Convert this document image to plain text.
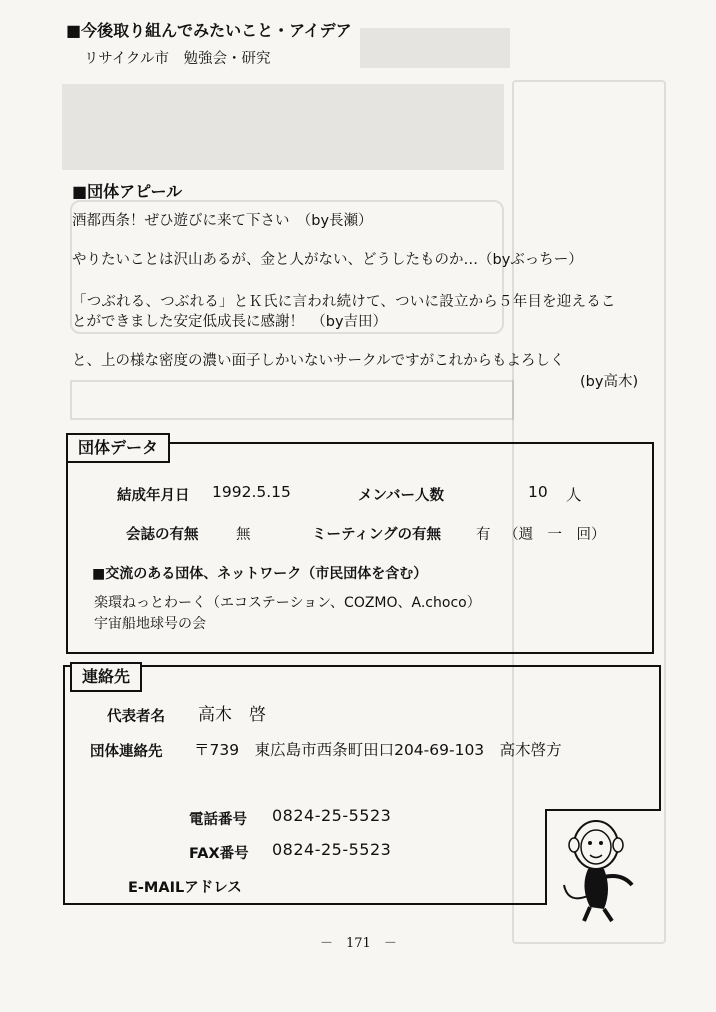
■今後取り組んでみたいこと・アイデア
リサイクル市　勉強会・研究
■団体アピール
酒都西条！ぜひ遊びに来て下さい　（by長瀬）
やりたいことは沢山あるが、金と人がない、どうしたものか…（byぶっちー）
「つぶれる、つぶれる」とＫ氏に言われ続けて、ついに設立から５年目を迎えるこ
とができました安定低成長に感謝！　（by吉田）
と、上の様な密度の濃い面子しかいないサークルですがこれからもよろしく
(by高木)
団体データ
結成年月日 1992.5.15	メンバー人数	10 人
会誌の有無	無	ミーティングの有無 有 （週　一　回）
■交流のある団体、ネットワーク（市民団体を含む）
楽環ねっとわーく（エコステーション、COZMO、A.choco）
宇宙船地球号の会
連絡先
代表者名 高木　啓
団体連絡先 〒739　東広島市西条町田口204-69-103　高木啓方
電話番号 0824-25-5523
FAX番号 0824-25-5523
E-MAILアドレス
－　171　－
